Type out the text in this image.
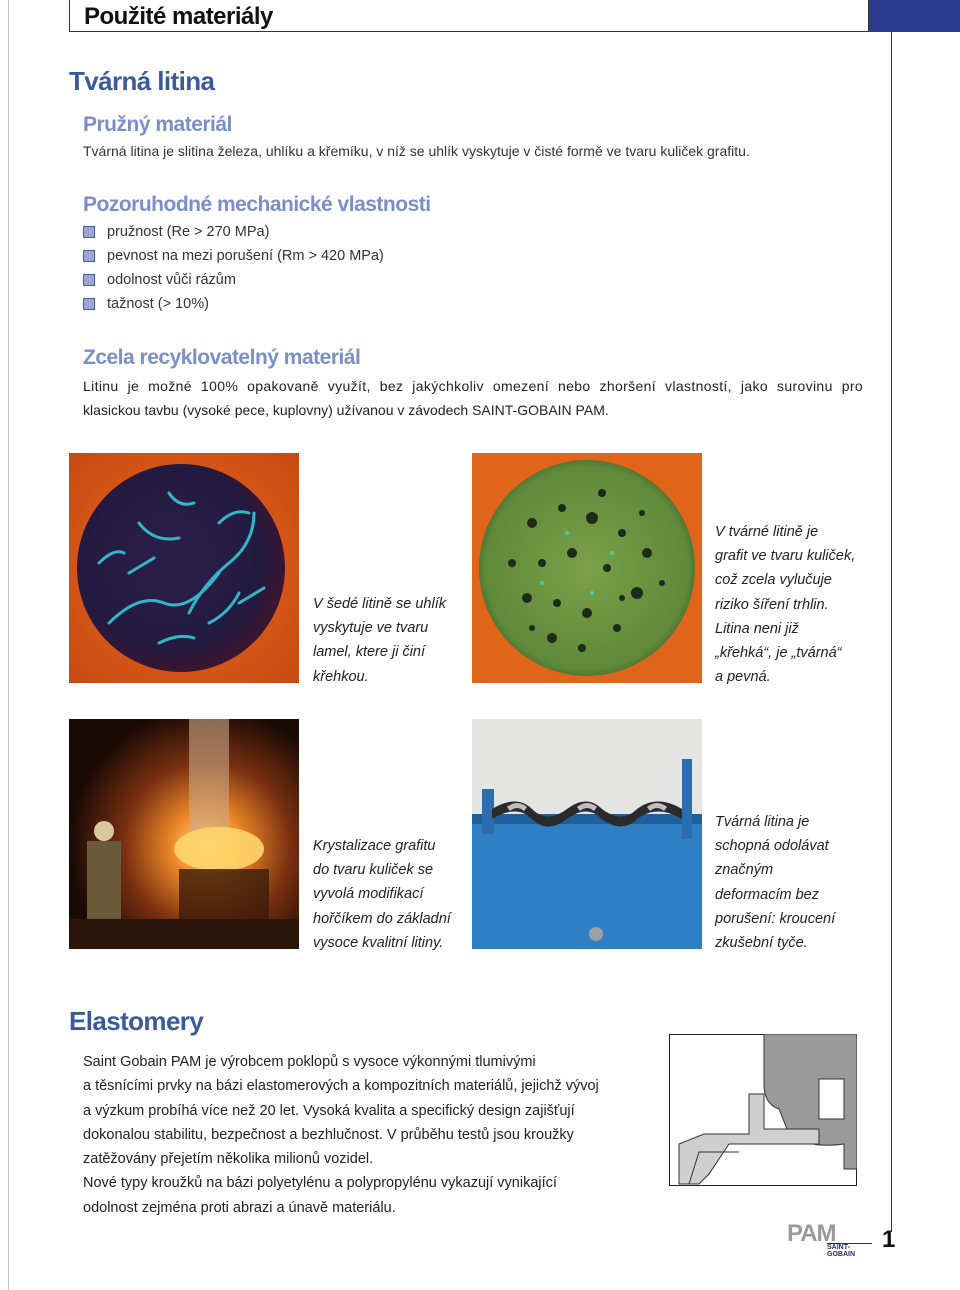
Použité materiály
Tvárná litina
Pružný materiál
Tvárná litina je slitina železa, uhlíku a křemíku, v níž se uhlík vyskytuje v čisté formě ve tvaru kuliček grafitu.
Pozoruhodné mechanické vlastnosti
pružnost (Re > 270 MPa)
pevnost na mezi porušení (Rm > 420 MPa)
odolnost vůči rázům
tažnost (> 10%)
Zcela recyklovatelný materiál
Litinu je možné 100% opakovaně využít, bez jakýchkoliv omezení nebo zhoršení vlastností, jako surovinu pro
klasickou tavbu (vysoké pece, kuplovny) užívanou v závodech SAINT-GOBAIN PAM.
V šedé litině se uhlík
vyskytuje ve tvaru
lamel, ktere ji činí
křehkou.
V tvárné litině je
grafit ve tvaru kuliček,
což zcela vylučuje
riziko šíření trhlin.
Litina neni již
„křehká“, je „tvárná“
a pevná.
Krystalizace grafitu
do tvaru kuliček se
vyvolá modifikací
hořčíkem do základní
vysoce kvalitní litiny.
Tvárná litina je
schopná odolávat
značným
deformacím bez
porušení: kroucení
zkušební tyče.
Elastomery
Saint Gobain PAM je výrobcem poklopů s vysoce výkonnými tlumivými
a těsnícími prvky na bázi elastomerových a kompozitních materiálů, jejichž vývoj
a výzkum probíhá více než 20 let. Vysoká kvalita a specifický design zajišťují
dokonalou stabilitu, bezpečnost a bezhlučnost. V průběhu testů jsou kroužky
zatěžovány přejetím několika milionů vozidel.
Nové typy kroužků na bázi polyetylénu a polypropylénu vykazují vynikající
odolnost zejména proti abrazi a únavě materiálu.
PAM
SAINT-GOBAIN
1
